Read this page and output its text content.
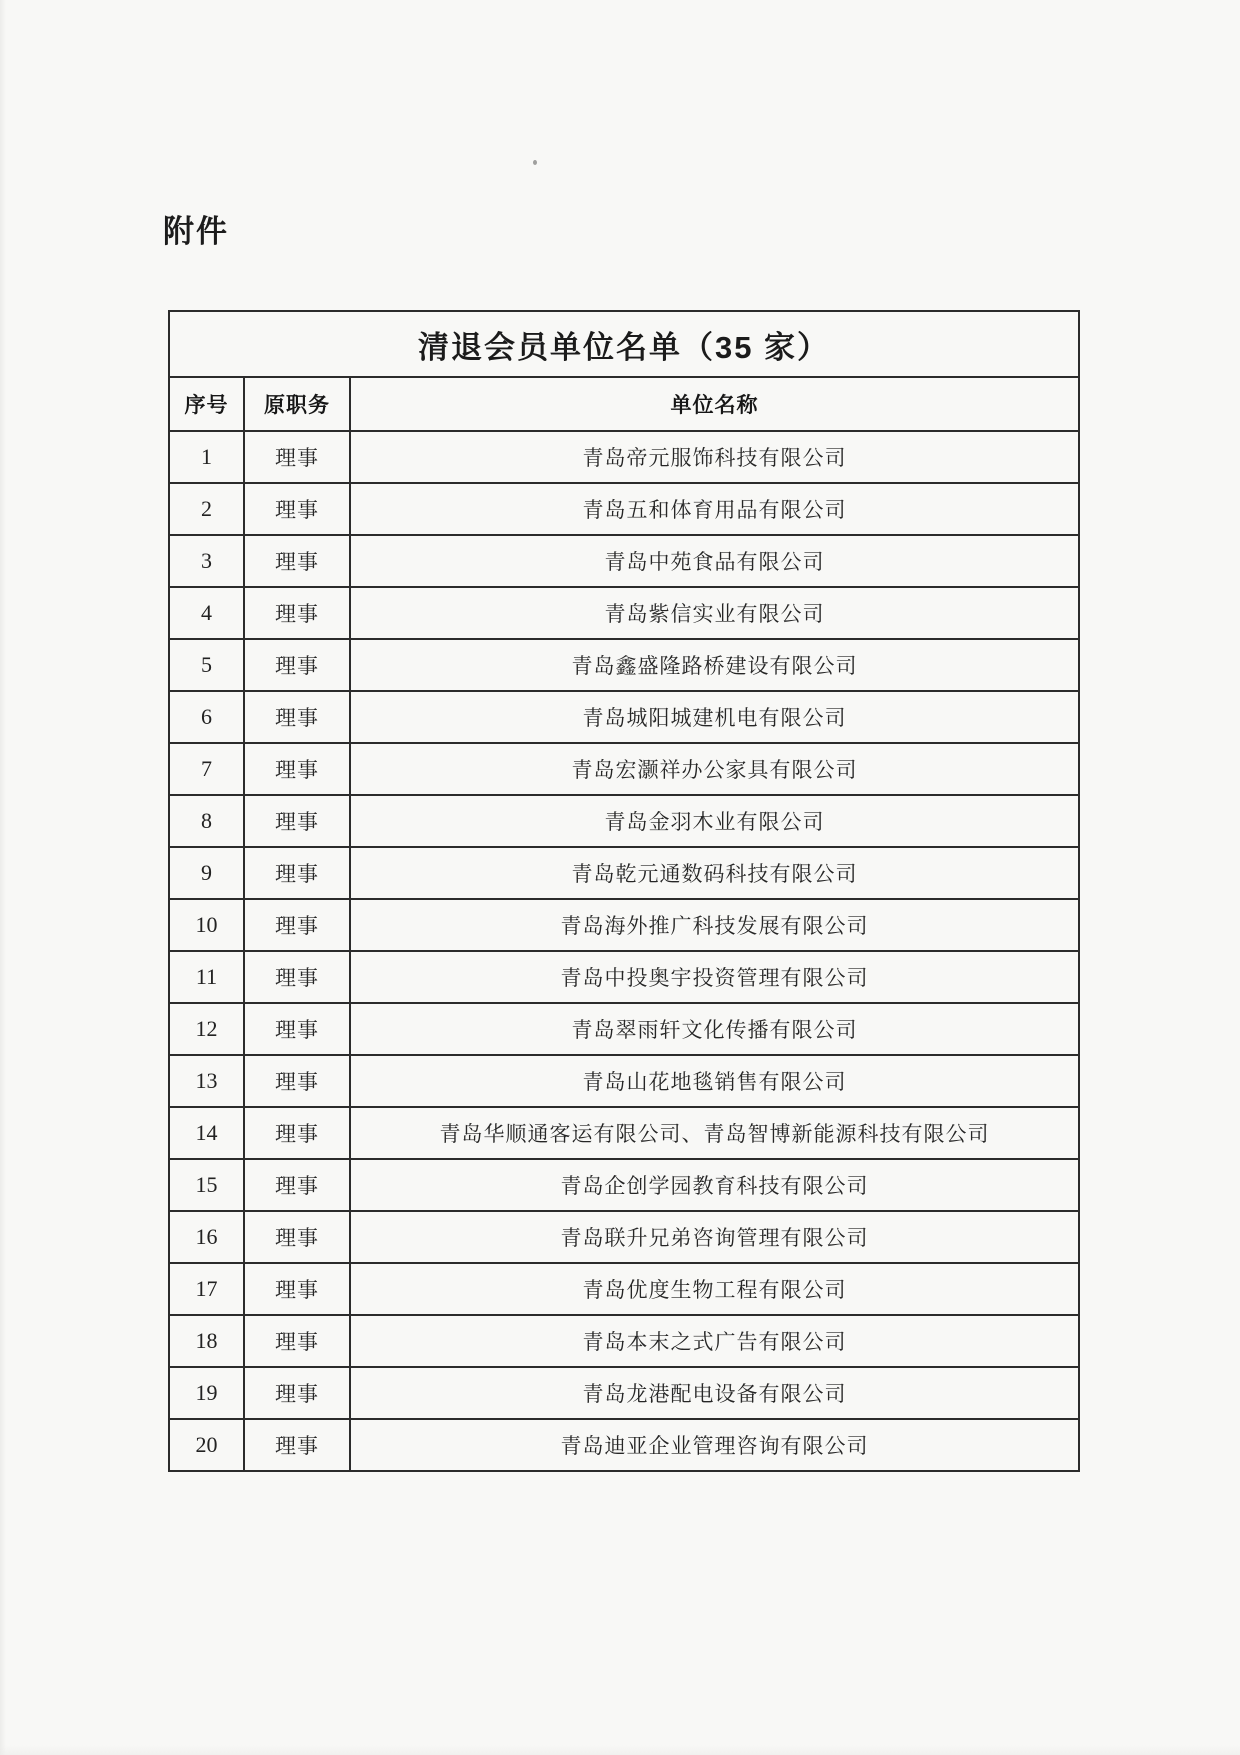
附件
清退会员单位名单（35 家）		
序号	原职务	单位名称
1	理事	青岛帝元服饰科技有限公司
2	理事	青岛五和体育用品有限公司
3	理事	青岛中苑食品有限公司
4	理事	青岛紫信实业有限公司
5	理事	青岛鑫盛隆路桥建设有限公司
6	理事	青岛城阳城建机电有限公司
7	理事	青岛宏灏祥办公家具有限公司
8	理事	青岛金羽木业有限公司
9	理事	青岛乾元通数码科技有限公司
10	理事	青岛海外推广科技发展有限公司
11	理事	青岛中投奥宇投资管理有限公司
12	理事	青岛翠雨轩文化传播有限公司
13	理事	青岛山花地毯销售有限公司
14	理事	青岛华顺通客运有限公司、青岛智博新能源科技有限公司
15	理事	青岛企创学园教育科技有限公司
16	理事	青岛联升兄弟咨询管理有限公司
17	理事	青岛优度生物工程有限公司
18	理事	青岛本末之式广告有限公司
19	理事	青岛龙港配电设备有限公司
20	理事	青岛迪亚企业管理咨询有限公司
